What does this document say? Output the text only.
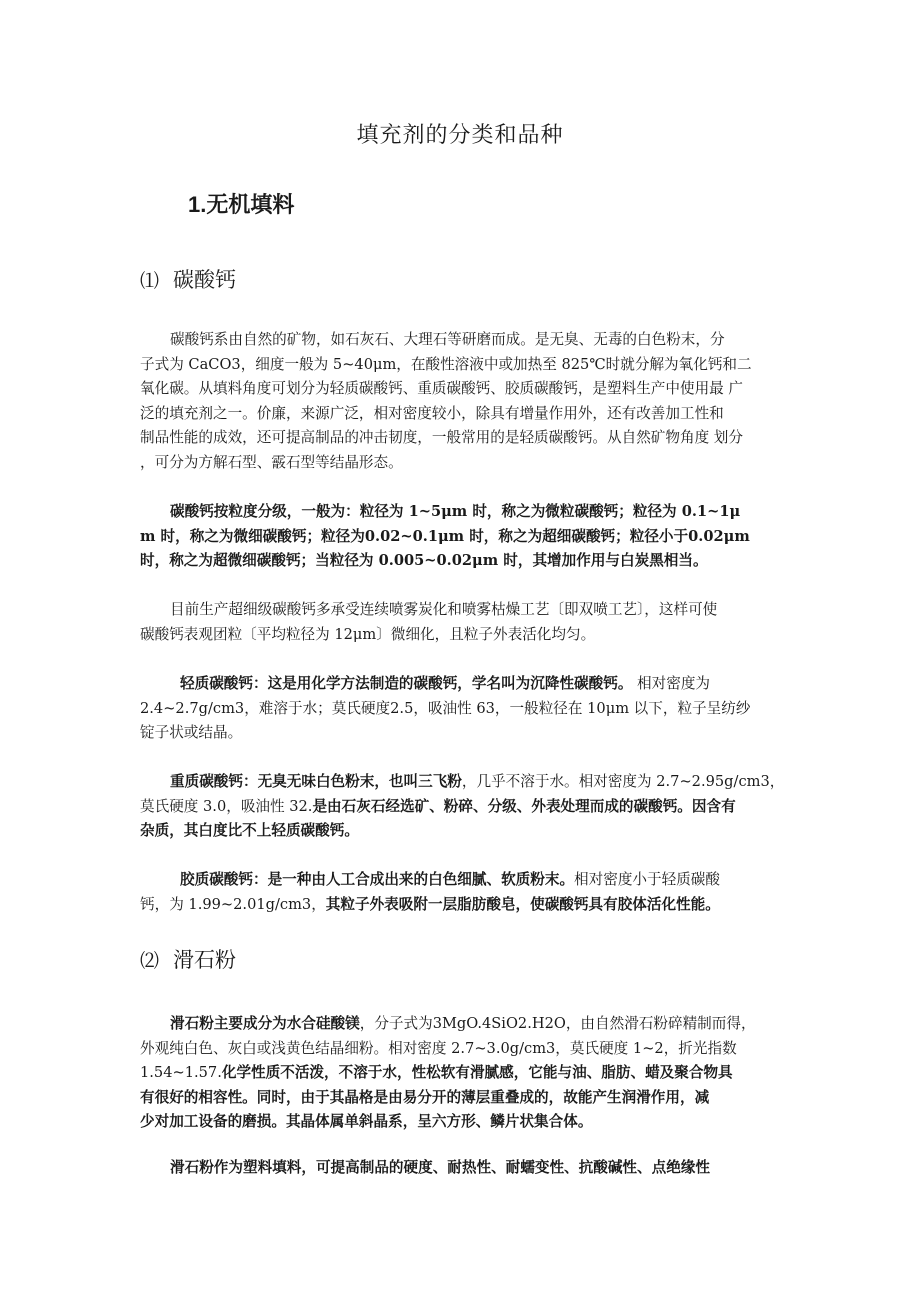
填充剂的分类和品种
1.无机填料
⑴ 碳酸钙
碳酸钙系由自然的矿物，如石灰石、大理石等研磨而成。是无臭、无毒的白色粉末，分
子式为 CaCO3，细度一般为 5~40μm，在酸性溶液中或加热至 825℃时就分解为氧化钙和二
氧化碳。从填料角度可划分为轻质碳酸钙、重质碳酸钙、胶质碳酸钙，是塑料生产中使用最 广
泛的填充剂之一。价廉，来源广泛，相对密度较小，除具有增量作用外，还有改善加工性和
制品性能的成效，还可提高制品的冲击韧度，一般常用的是轻质碳酸钙。从自然矿物角度 划分
，可分为方解石型、霰石型等结晶形态。
碳酸钙按粒度分级，一般为：粒径为 1~5μm 时，称之为微粒碳酸钙；粒径为 0.1~1μ
m 时，称之为微细碳酸钙；粒径为0.02~0.1μm 时，称之为超细碳酸钙；粒径小于0.02μm
时，称之为超微细碳酸钙；当粒径为 0.005~0.02μm 时，其增加作用与白炭黑相当。
目前生产超细级碳酸钙多承受连续喷雾炭化和喷雾枯燥工艺〔即双喷工艺〕，这样可使
碳酸钙表观团粒〔平均粒径为 12μm〕微细化，且粒子外表活化均匀。
轻质碳酸钙：这是用化学方法制造的碳酸钙，学名叫为沉降性碳酸钙。 相对密度为
2.4~2.7g/cm3，难溶于水；莫氏硬度2.5，吸油性 63，一般粒径在 10μm 以下，粒子呈纺纱
锭子状或结晶。
重质碳酸钙：无臭无味白色粉末，也叫三飞粉，几乎不溶于水。相对密度为 2.7~2.95g/cm3，
莫氏硬度 3.0，吸油性 32.是由石灰石经选矿、粉碎、分级、外表处理而成的碳酸钙。因含有
杂质，其白度比不上轻质碳酸钙。
胶质碳酸钙：是一种由人工合成出来的白色细腻、软质粉末。相对密度小于轻质碳酸
钙，为 1.99~2.01g/cm3，其粒子外表吸附一层脂肪酸皂，使碳酸钙具有胶体活化性能。
⑵ 滑石粉
滑石粉主要成分为水合硅酸镁，分子式为3MgO.4SiO2.H2O，由自然滑石粉碎精制而得，
外观纯白色、灰白或浅黄色结晶细粉。相对密度 2.7~3.0g/cm3，莫氏硬度 1~2，折光指数
1.54~1.57.化学性质不活泼，不溶于水，性松软有滑腻感，它能与油、脂肪、蜡及聚合物具
有很好的相容性。同时，由于其晶格是由易分开的薄层重叠成的，故能产生润滑作用，减
少对加工设备的磨损。其晶体属单斜晶系，呈六方形、鳞片状集合体。
滑石粉作为塑料填料，可提高制品的硬度、耐热性、耐蠕变性、抗酸碱性、点绝缘性
